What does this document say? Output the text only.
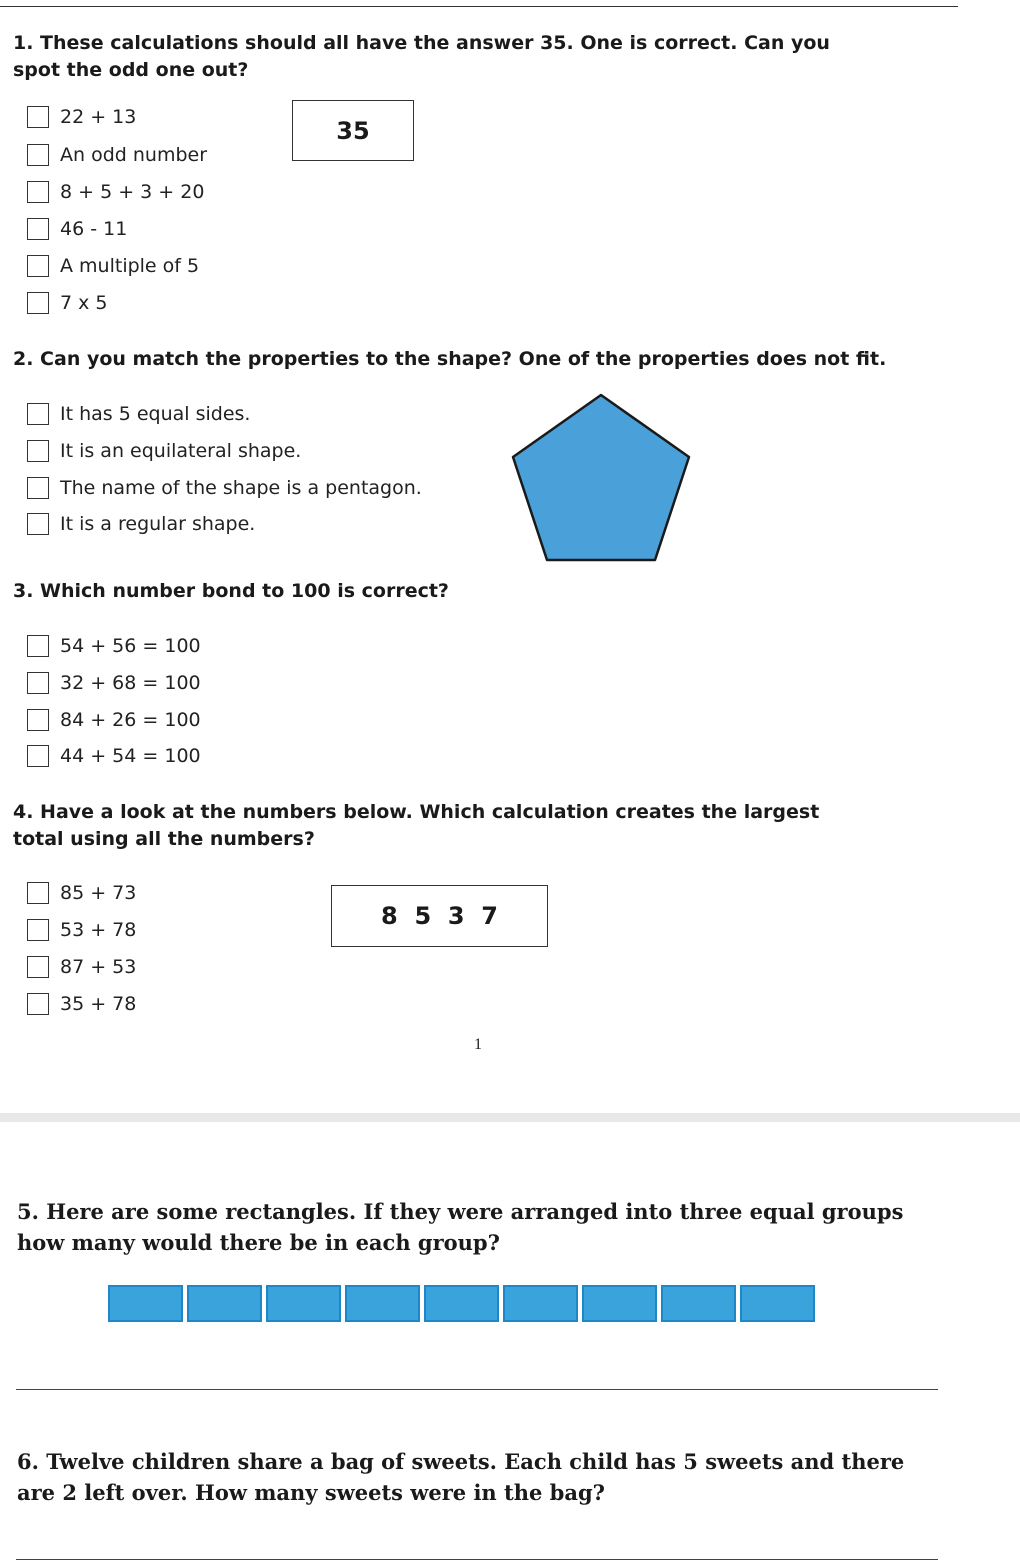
1. These calculations should all have the answer 35. One is correct. Can you spot the odd one out?
35
22 + 13
An odd number
8 + 5 + 3 + 20
46 - 11
A multiple of 5
7 x 5
2. Can you match the properties to the shape? One of the properties does not fit.
It has 5 equal sides.
It is an equilateral shape.
The name of the shape is a pentagon.
It is a regular shape.
3. Which number bond to 100 is correct?
54 + 56 = 100
32 + 68 = 100
84 + 26 = 100
44 + 54 = 100
4. Have a look at the numbers below. Which calculation creates the largest total using all the numbers?
8  5  3  7
85 + 73
53 + 78
87 + 53
35 + 78
1
5. Here are some rectangles. If they were arranged into three equal groups how many would there be in each group?
6. Twelve children share a bag of sweets. Each child has 5 sweets and there are 2 left over. How many sweets were in the bag?
